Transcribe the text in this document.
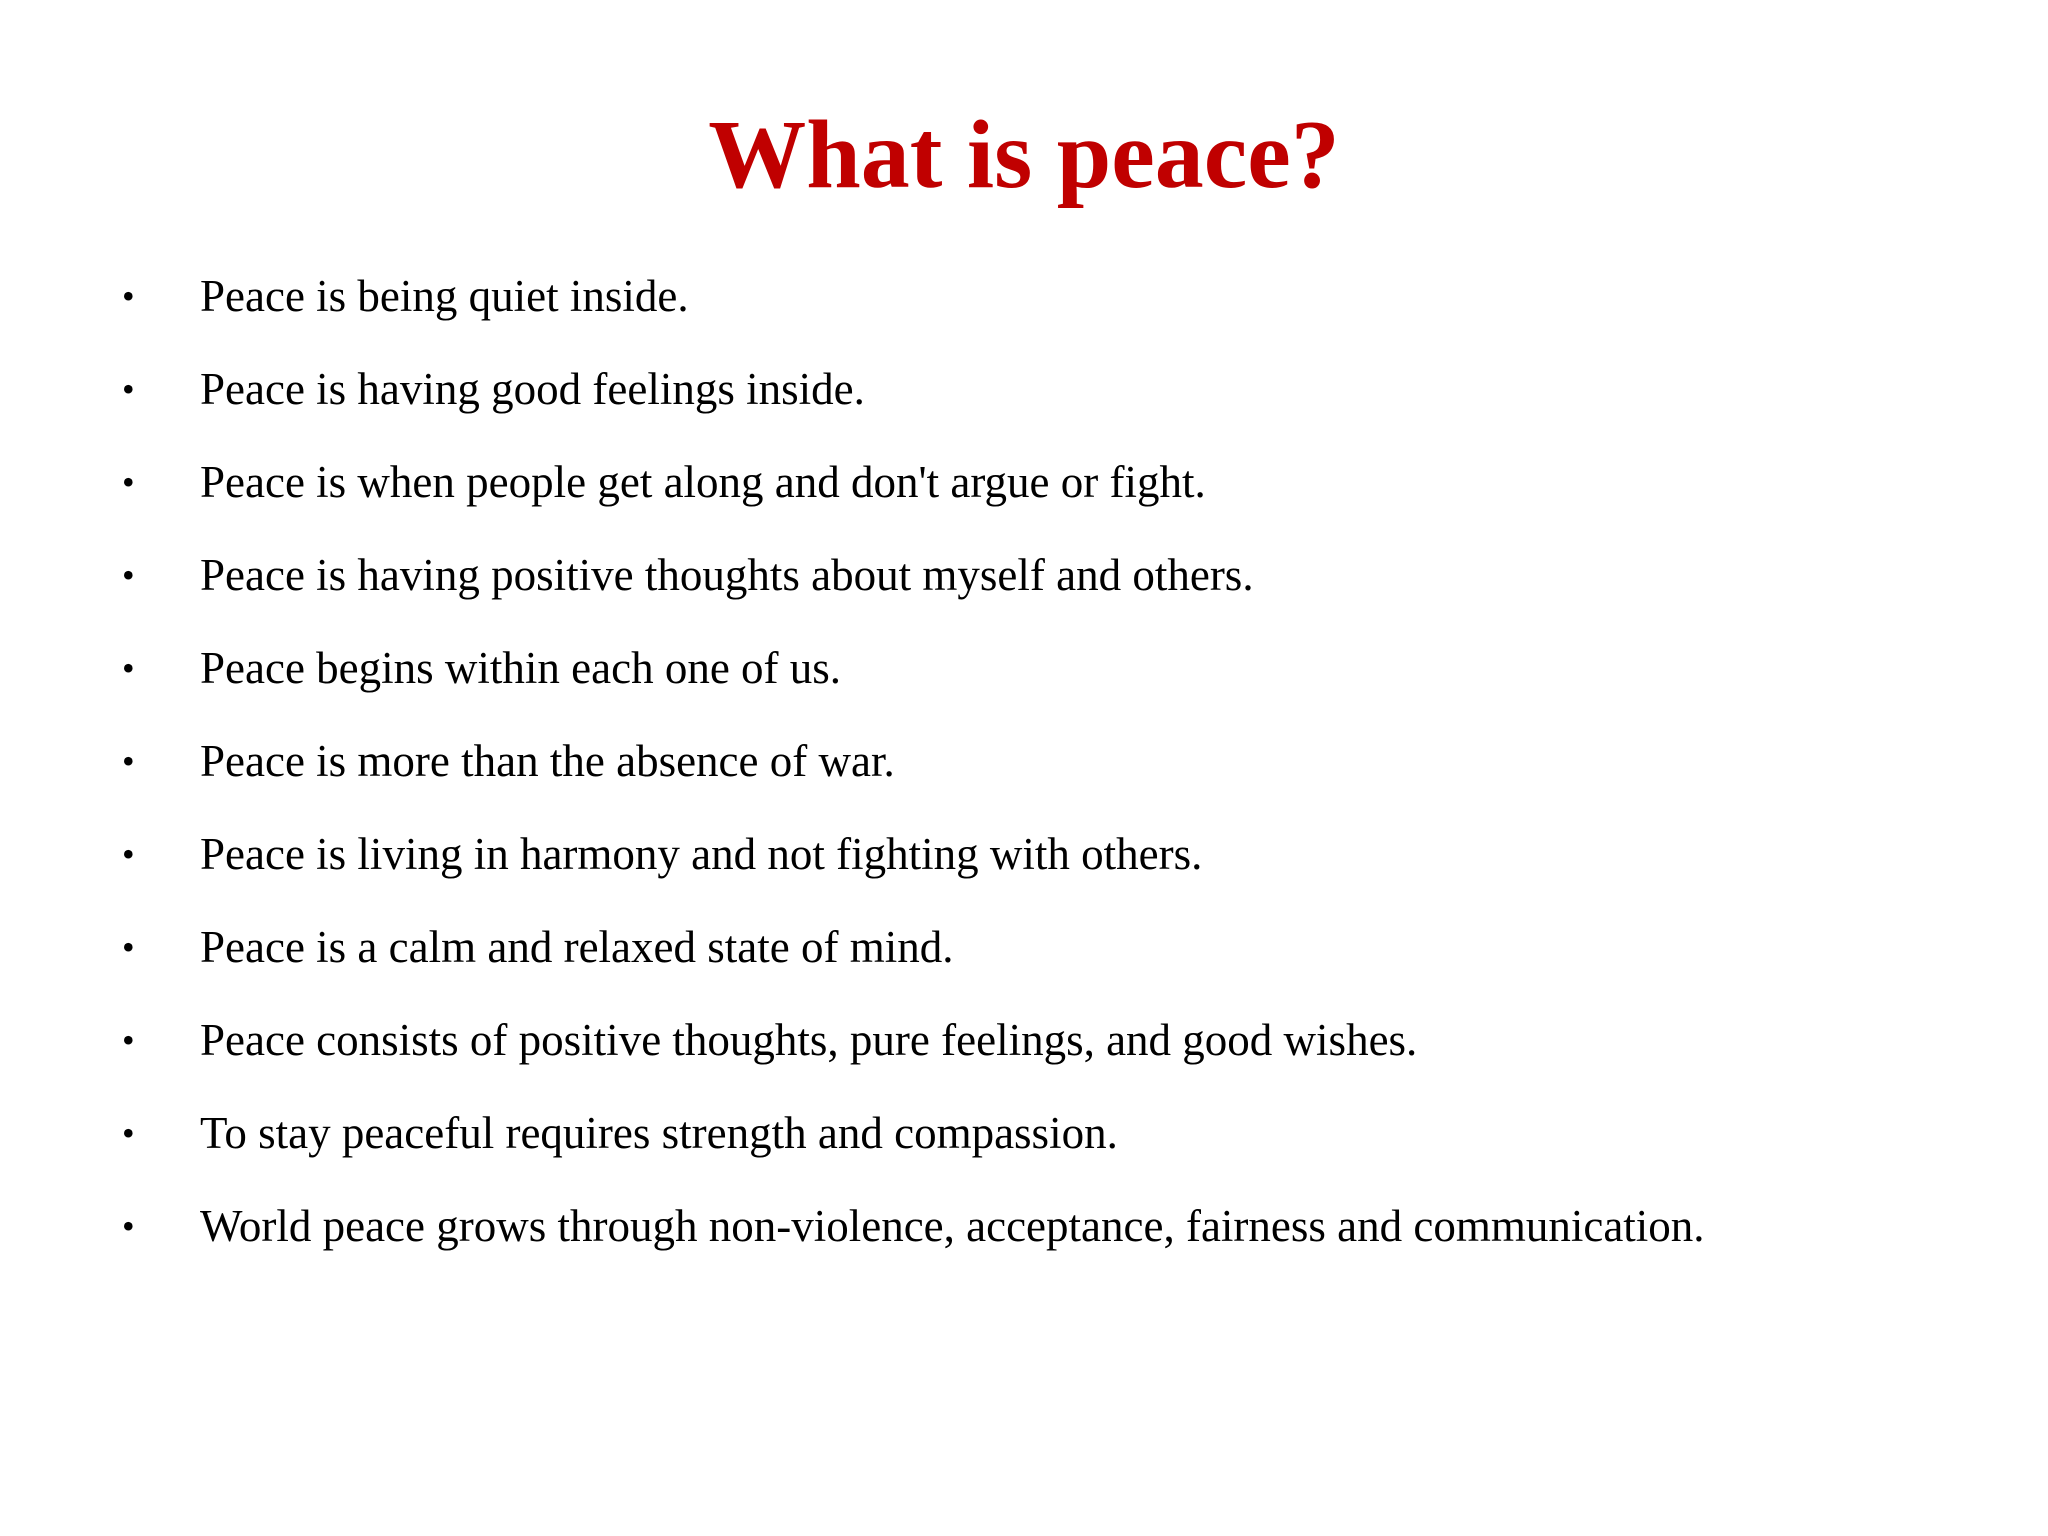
What is peace?
• Peace is being quiet inside.
• Peace is having good feelings inside.
• Peace is when people get along and don't argue or fight.
• Peace is having positive thoughts about myself and others.
• Peace begins within each one of us.
• Peace is more than the absence of war.
• Peace is living in harmony and not fighting with others.
• Peace is a calm and relaxed state of mind.
• Peace consists of positive thoughts, pure feelings, and good wishes.
• To stay peaceful requires strength and compassion.
• World peace grows through non-violence, acceptance, fairness and communication.
